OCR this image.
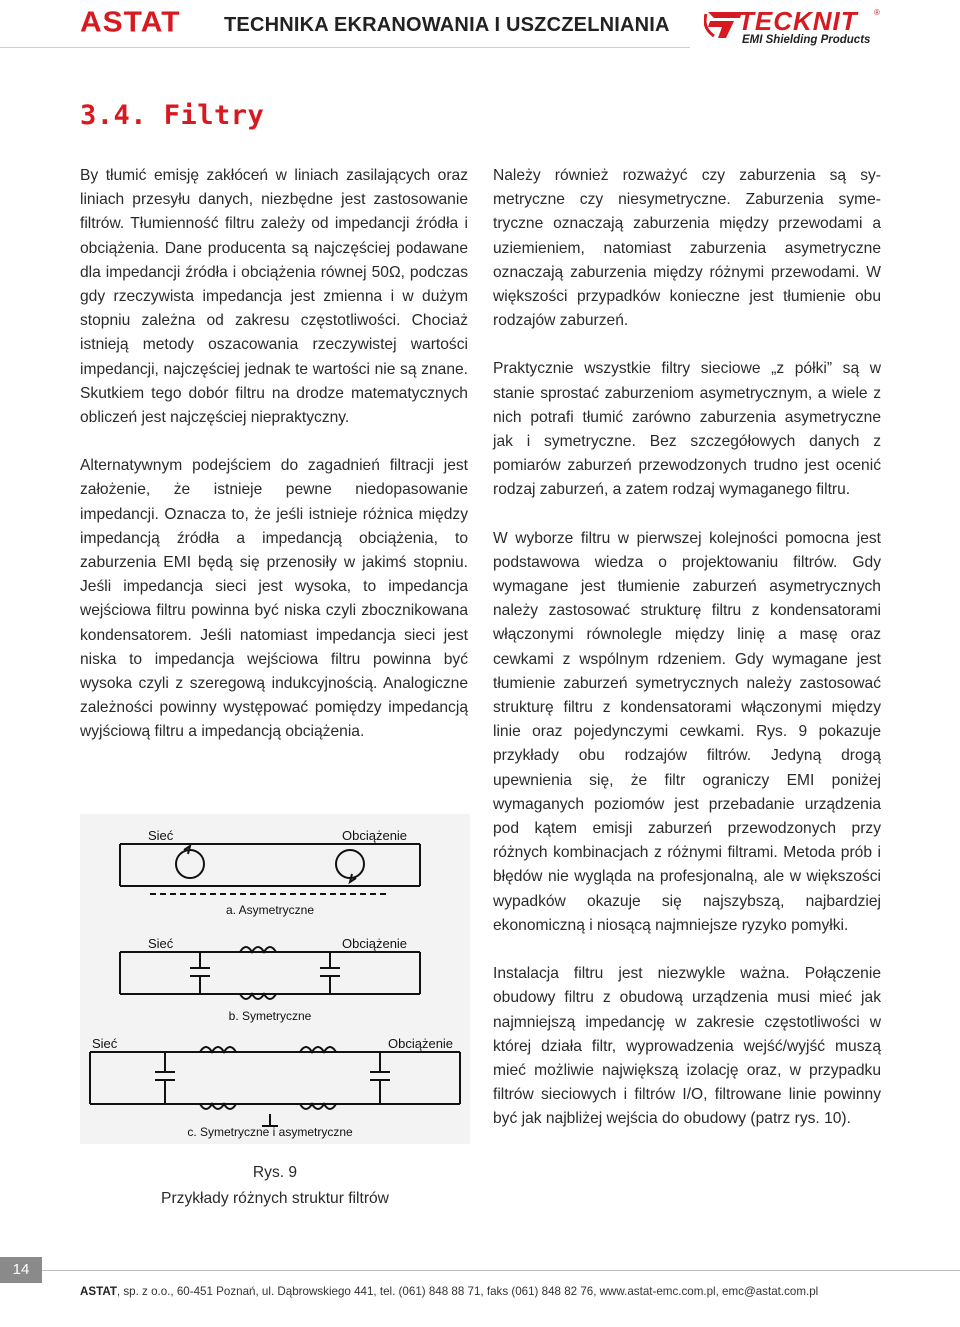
ASTAT TECHNIKA EKRANOWANIA I USZCZELNIANIA	TECKNIT ®
EMI Shielding Products
3.4. Filtry

By tłumić emisję zakłóceń w liniach zasilających oraz liniach przesyłu danych, niezbędne jest zastosowanie filtrów. Tłumienność filtru zależy od impedancji źródła i obciążenia. Dane producenta są najczęściej podawane dla impedancji źródła i obciążenia równej 50Ω, podczas gdy rzeczywista impedancja jest zmienna i w dużym stopniu zależna od zakresu częstotliwości. Chociaż istnieją metody oszacowania rzeczywistej wartości impedancji, najczęściej jednak te wartości nie są znane. Skutkiem tego dobór filtru na drodze matematycznych obliczeń jest najczęściej niepraktyczny.

Alternatywnym podejściem do zagadnień filtracji jest założenie, że istnieje pewne niedopasowanie impedancji. Oznacza to, że jeśli istnieje różnica między impedancją źródła a impedancją obciążenia, to zaburzenia EMI będą się przenosiły w jakimś stopniu. Jeśli impedancja sieci jest wysoka, to impedancja wejściowa filtru powinna być niska czyli zbocznikowana kondensatorem. Jeśli natomiast impedancja sieci jest niska to impedancja wejściowa filtru powinna być wysoka czyli z szeregową indukcyjnością. Analogiczne zależności powinny występować pomiędzy impedancją wyjściową filtru a impedancją obciążenia.

Należy również rozważyć czy zaburzenia są symetryczne czy niesymetryczne. Zaburzenia symetryczne oznaczają zaburzenia między przewodami a uziemieniem, natomiast zaburzenia asymetryczne oznaczają zaburzenia między różnymi przewodami. W większości przypadków konieczne jest tłumienie obu rodzajów zaburzeń.

Praktycznie wszystkie filtry sieciowe „z półki” są w stanie sprostać zaburzeniom asymetrycznym, a wiele z nich potrafi tłumić zarówno zaburzenia asymetryczne jak i symetryczne. Bez szczegółowych danych z pomiarów zaburzeń przewodzonych trudno jest ocenić rodzaj zaburzeń, a zatem rodzaj wymaganego filtru.

W wyborze filtru w pierwszej kolejności pomocna jest podstawowa wiedza o projektowaniu filtrów. Gdy wymagane jest tłumienie zaburzeń asymetrycznych należy zastosować strukturę filtru z kondensatorami włączonymi równolegle między linię a masę oraz cewkami z wspólnym rdzeniem. Gdy wymagane jest tłumienie zaburzeń symetrycznych należy zastosować strukturę filtru z kondensatorami włączonymi między linie oraz pojedynczymi cewkami. Rys. 9 pokazuje przykłady obu rodzajów filtrów. Jedyną drogą upewnienia się, że filtr ograniczy EMI poniżej wymaganych poziomów jest przebadanie urządzenia pod kątem emisji zaburzeń przewodzonych przy różnych kombinacjach z różnymi filtrami. Metoda prób i błędów nie wygląda na profesjonalną, ale w większości wypadków okazuje się najszybszą, najbardziej ekonomiczną i niosącą najmniejsze ryzyko pomyłki.

Instalacja filtru jest niezwykle ważna. Połączenie obudowy filtru z obudową urządzenia musi mieć jak najmniejszą impedancję w zakresie częstotliwości w której działa filtr, wyprowadzenia wejść/wyjść muszą mieć możliwie największą izolację oraz, w przypadku filtrów sieciowych i filtrów I/O, filtrowane linie powinny być jak najbliżej wejścia do obudowy (patrz rys. 10).

Sieć	Obciążenie
a. Asymetryczne
Sieć	Obciążenie
b. Symetryczne
Sieć	Obciążenie
c. Symetryczne i asymetryczne
Rys. 9
Przykłady różnych struktur filtrów
14
ASTAT, sp. z o.o., 60-451 Poznań, ul. Dąbrowskiego 441, tel. (061) 848 88 71, faks (061) 848 82 76, www.astat-emc.com.pl, emc@astat.com.pl
